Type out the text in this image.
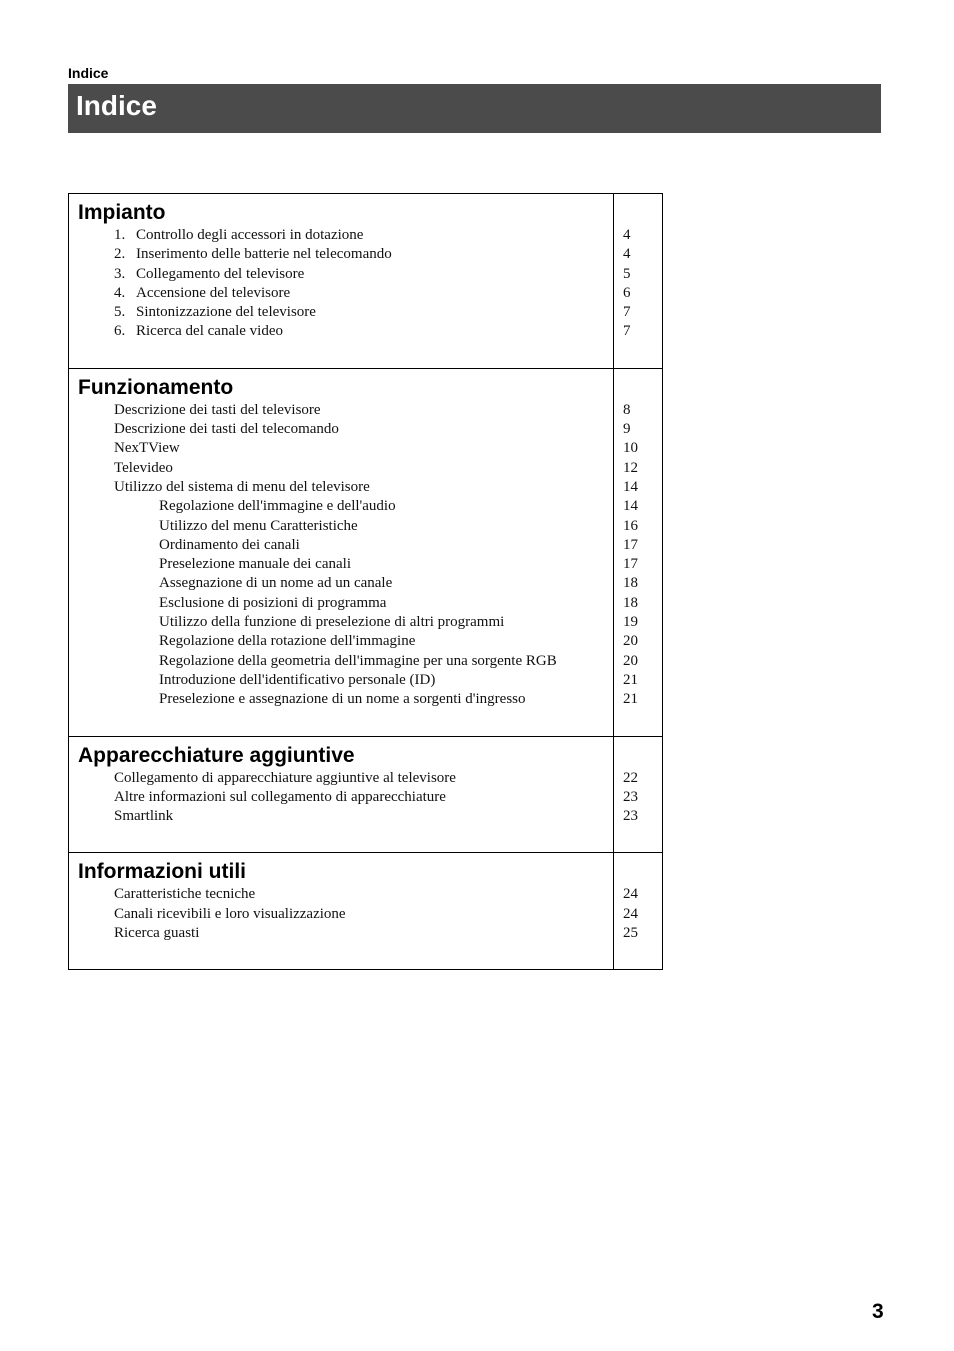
Indice
Indice
Impianto
1. Controllo degli accessori in dotazione
2. Inserimento delle batterie nel telecomando
3. Collegamento del televisore
4. Accensione del televisore
5. Sintonizzazione del televisore
6. Ricerca del canale video
4
4
5
6
7
7
Funzionamento
Descrizione dei tasti del televisore
Descrizione dei tasti del telecomando
NexTView
Televideo
Utilizzo del sistema di menu del televisore
Regolazione dell'immagine e dell'audio
Utilizzo del menu Caratteristiche
Ordinamento dei canali
Preselezione manuale dei canali
Assegnazione di un nome ad un canale
Esclusione di posizioni di programma
Utilizzo della funzione di preselezione di altri programmi
Regolazione della rotazione dell'immagine
Regolazione della geometria dell'immagine per una sorgente RGB
Introduzione dell'identificativo personale (ID)
Preselezione e assegnazione di un nome a sorgenti d'ingresso
8
9
10
12
14
14
16
17
17
18
18
19
20
20
21
21
Apparecchiature aggiuntive
Collegamento di apparecchiature aggiuntive al televisore
Altre informazioni sul collegamento di apparecchiature
Smartlink
22
23
23
Informazioni utili
Caratteristiche tecniche
Canali ricevibili e loro visualizzazione
Ricerca guasti
24
24
25
3
